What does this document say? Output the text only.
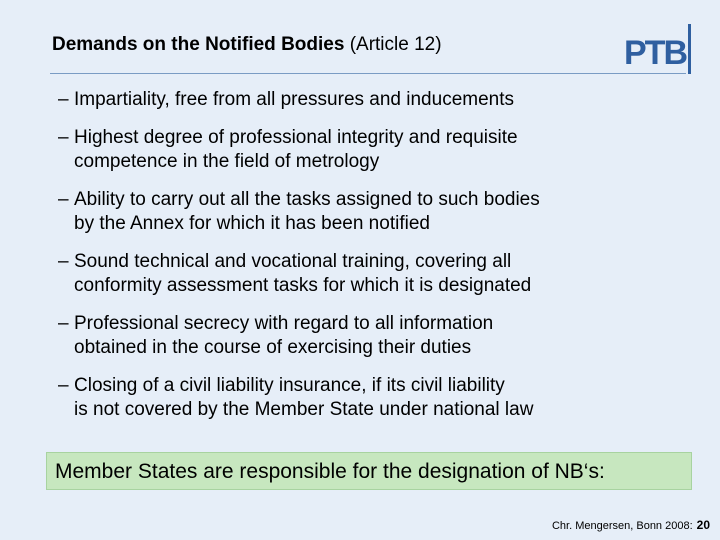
Demands on the Notified Bodies (Article 12)	PTB
– Impartiality, free from all pressures and inducements
– Highest degree of professional integrity and requisite
competence in the field of metrology
– Ability to carry out all the tasks assigned to such bodies
by the Annex for which it has been notified
– Sound technical and vocational training, covering all
conformity assessment tasks for which it is designated
– Professional secrecy with regard to all information
obtained in the course of exercising their duties
– Closing of a civil liability insurance, if its civil liability
is not covered by the Member State under national law
Member States are responsible for the designation of NB‘s:
Chr. Mengersen, Bonn 2008: 20
